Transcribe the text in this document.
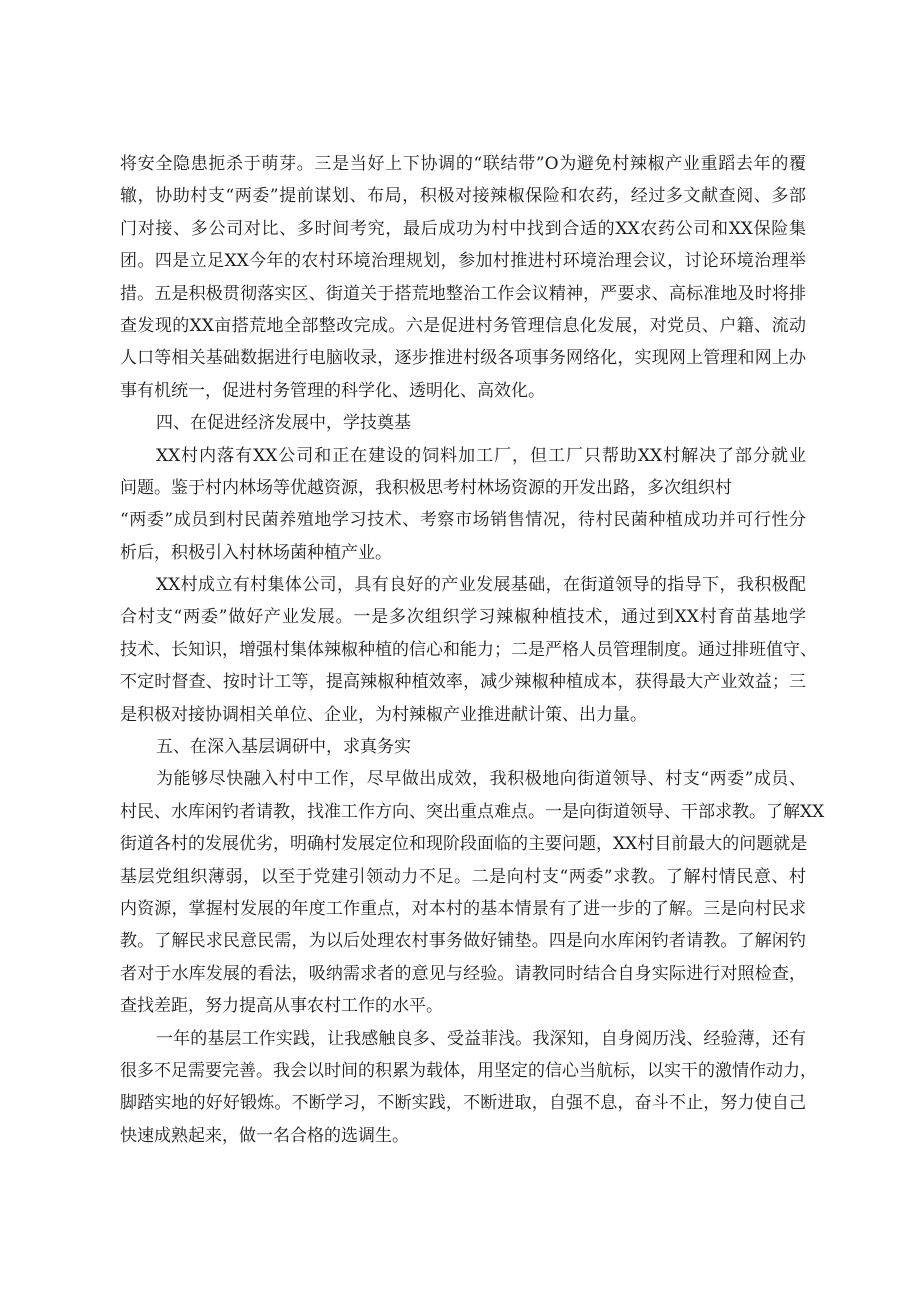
将安全隐患扼杀于萌芽。三是当好上下协调的“联结带”O为避免村辣椒产业重蹈去年的覆
辙，协助村支“两委”提前谋划、布局，积极对接辣椒保险和农药，经过多文献查阅、多部
门对接、多公司对比、多时间考究，最后成功为村中找到合适的XX农药公司和XX保险集
团。四是立足XX今年的农村环境治理规划，参加村推进村环境治理会议，讨论环境治理举
措。五是积极贯彻落实区、街道关于搭荒地整治工作会议精神，严要求、高标准地及时将排
查发现的XX亩搭荒地全部整改完成。六是促进村务管理信息化发展，对党员、户籍、流动
人口等相关基础数据进行电脑收录，逐步推进村级各项事务网络化，实现网上管理和网上办
事有机统一，促进村务管理的科学化、透明化、高效化。
四、在促进经济发展中，学技奠基
XX村内落有XX公司和正在建设的饲料加工厂，但工厂只帮助XX村解决了部分就业
问题。鉴于村内林场等优越资源，我积极思考村林场资源的开发出路，多次组织村
“两委”成员到村民菌养殖地学习技术、考察市场销售情况，待村民菌种植成功并可行性分
析后，积极引入村林场菌种植产业。
XX村成立有村集体公司，具有良好的产业发展基础，在街道领导的指导下，我积极配
合村支“两委”做好产业发展。一是多次组织学习辣椒种植技术，通过到XX村育苗基地学
技术、长知识，增强村集体辣椒种植的信心和能力；二是严格人员管理制度。通过排班值守、
不定时督查、按时计工等，提高辣椒种植效率，减少辣椒种植成本，获得最大产业效益；三
是积极对接协调相关单位、企业，为村辣椒产业推进献计策、出力量。
五、在深入基层调研中，求真务实
为能够尽快融入村中工作，尽早做出成效，我积极地向街道领导、村支“两委”成员、
村民、水库闲钓者请教，找准工作方向、突出重点难点。一是向街道领导、干部求教。了解XX
街道各村的发展优劣，明确村发展定位和现阶段面临的主要问题，XX村目前最大的问题就是
基层党组织薄弱，以至于党建引领动力不足。二是向村支“两委”求教。了解村情民意、村
内资源，掌握村发展的年度工作重点，对本村的基本情景有了进一步的了解。三是向村民求
教。了解民求民意民需，为以后处理农村事务做好铺垫。四是向水库闲钓者请教。了解闲钓
者对于水库发展的看法，吸纳需求者的意见与经验。请教同时结合自身实际进行对照检查，
查找差距，努力提高从事农村工作的水平。
一年的基层工作实践，让我感触良多、受益菲浅。我深知，自身阅历浅、经验薄，还有
很多不足需要完善。我会以时间的积累为载体，用坚定的信心当航标，以实干的激情作动力，
脚踏实地的好好锻炼。不断学习，不断实践，不断进取，自强不息，奋斗不止，努力使自己
快速成熟起来，做一名合格的选调生。
